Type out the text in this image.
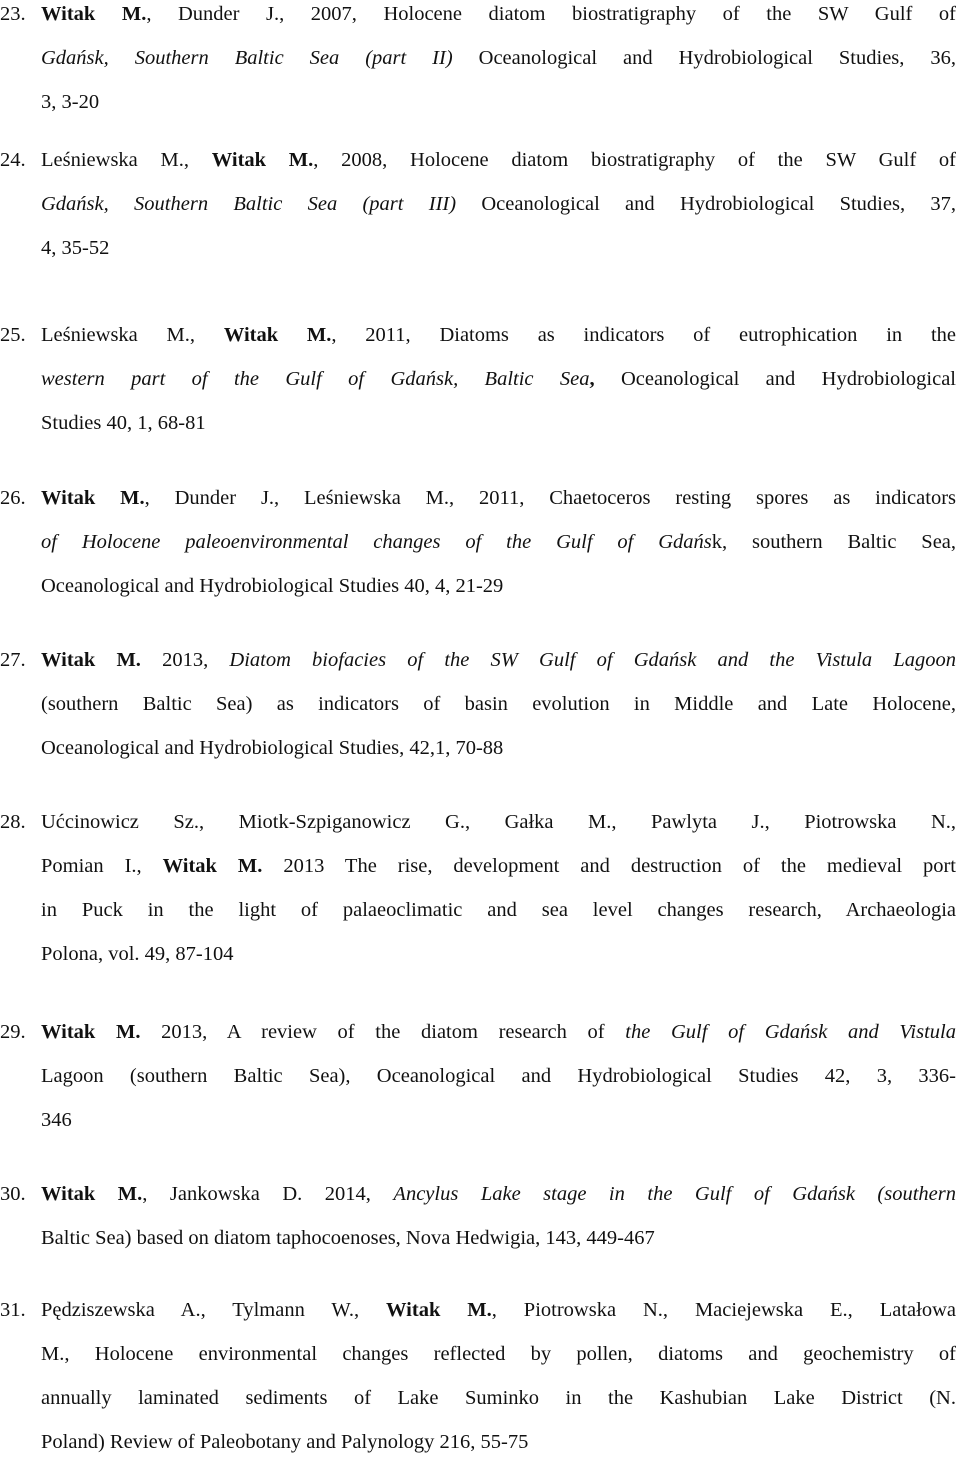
23. Witak M., Dunder J., 2007, Holocene diatom biostratigraphy of the SW Gulf of
Gdańsk, Southern Baltic Sea (part II) Oceanological and Hydrobiological Studies, 36,
3, 3-20
24. Leśniewska M., Witak M., 2008, Holocene diatom biostratigraphy of the SW Gulf of
Gdańsk, Southern Baltic Sea (part III) Oceanological and Hydrobiological Studies, 37,
4, 35-52
25. Leśniewska M., Witak M., 2011, Diatoms as indicators of eutrophication in the
western part of the Gulf of Gdańsk, Baltic Sea, Oceanological and Hydrobiological
Studies 40, 1, 68-81
26. Witak M., Dunder J., Leśniewska M., 2011, Chaetoceros resting spores as indicators
of Holocene paleoenvironmental changes of the Gulf of Gdańsk, southern Baltic Sea,
Oceanological and Hydrobiological Studies 40, 4, 21-29
27. Witak M. 2013, Diatom biofacies of the SW Gulf of Gdańsk and the Vistula Lagoon
(southern Baltic Sea) as indicators of basin evolution in Middle and Late Holocene,
Oceanological and Hydrobiological Studies, 42,1, 70-88
28. Ućcinowicz Sz., Miotk-Szpiganowicz G., Gałka M., Pawlyta J., Piotrowska N.,
Pomian I., Witak M. 2013 The rise, development and destruction of the medieval port
in Puck in the light of palaeoclimatic and sea level changes research, Archaeologia
Polona, vol. 49, 87-104
29. Witak M. 2013, A review of the diatom research of the Gulf of Gdańsk and Vistula
Lagoon (southern Baltic Sea), Oceanological and Hydrobiological Studies 42, 3, 336-
346
30. Witak M., Jankowska D. 2014, Ancylus Lake stage in the Gulf of Gdańsk (southern
Baltic Sea) based on diatom taphocoenoses, Nova Hedwigia, 143, 449-467
31. Pędziszewska A., Tylmann W., Witak M., Piotrowska N., Maciejewska E., Latałowa
M., Holocene environmental changes reflected by pollen, diatoms and geochemistry of
annually laminated sediments of Lake Suminko in the Kashubian Lake District (N.
Poland) Review of Paleobotany and Palynology 216, 55-75
